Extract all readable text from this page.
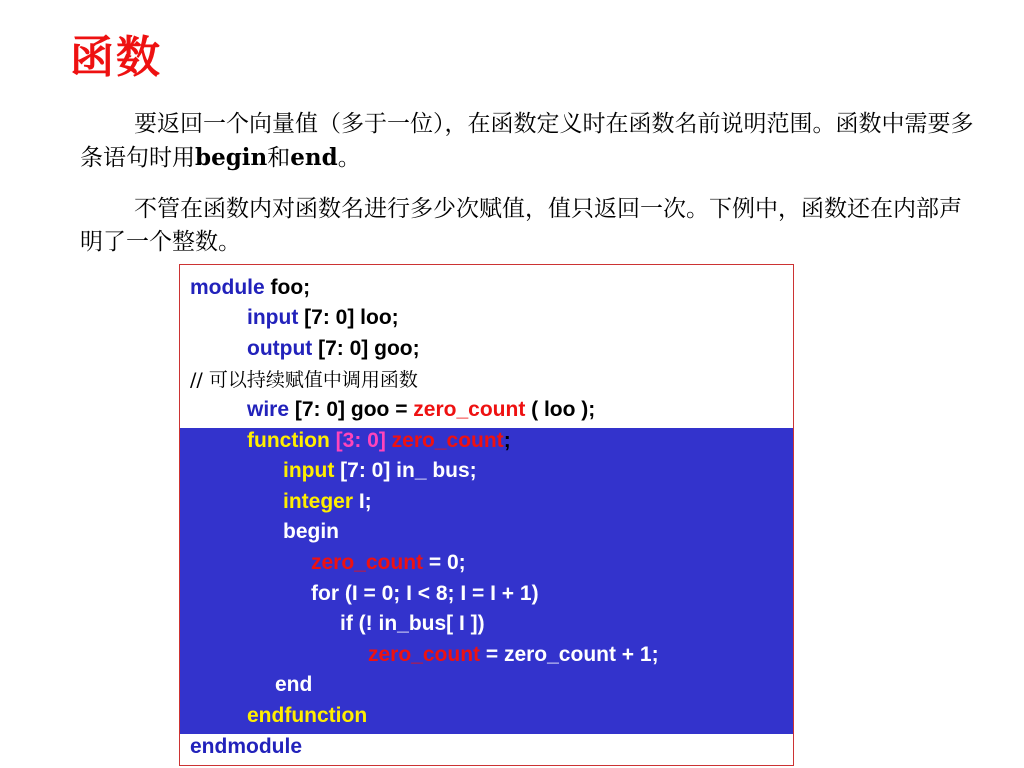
函数

要返回一个向量值（多于一位），在函数定义时在函数名前说明范围。函数中需要多条语句时用begin和end。

不管在函数内对函数名进行多少次赋值，值只返回一次。下例中，函数还在内部声明了一个整数。

module foo;
input [7: 0] loo;
output [7: 0] goo;
// 可以持续赋值中调用函数
wire [7: 0] goo = zero_count ( loo );
function [3: 0] zero_count;
input [7: 0] in_ bus;
integer I;
begin
zero_count = 0;
for (I = 0; I < 8; I = I + 1)
if (! in_bus[ I ])
zero_count = zero_count + 1;
end
endfunction
endmodule
